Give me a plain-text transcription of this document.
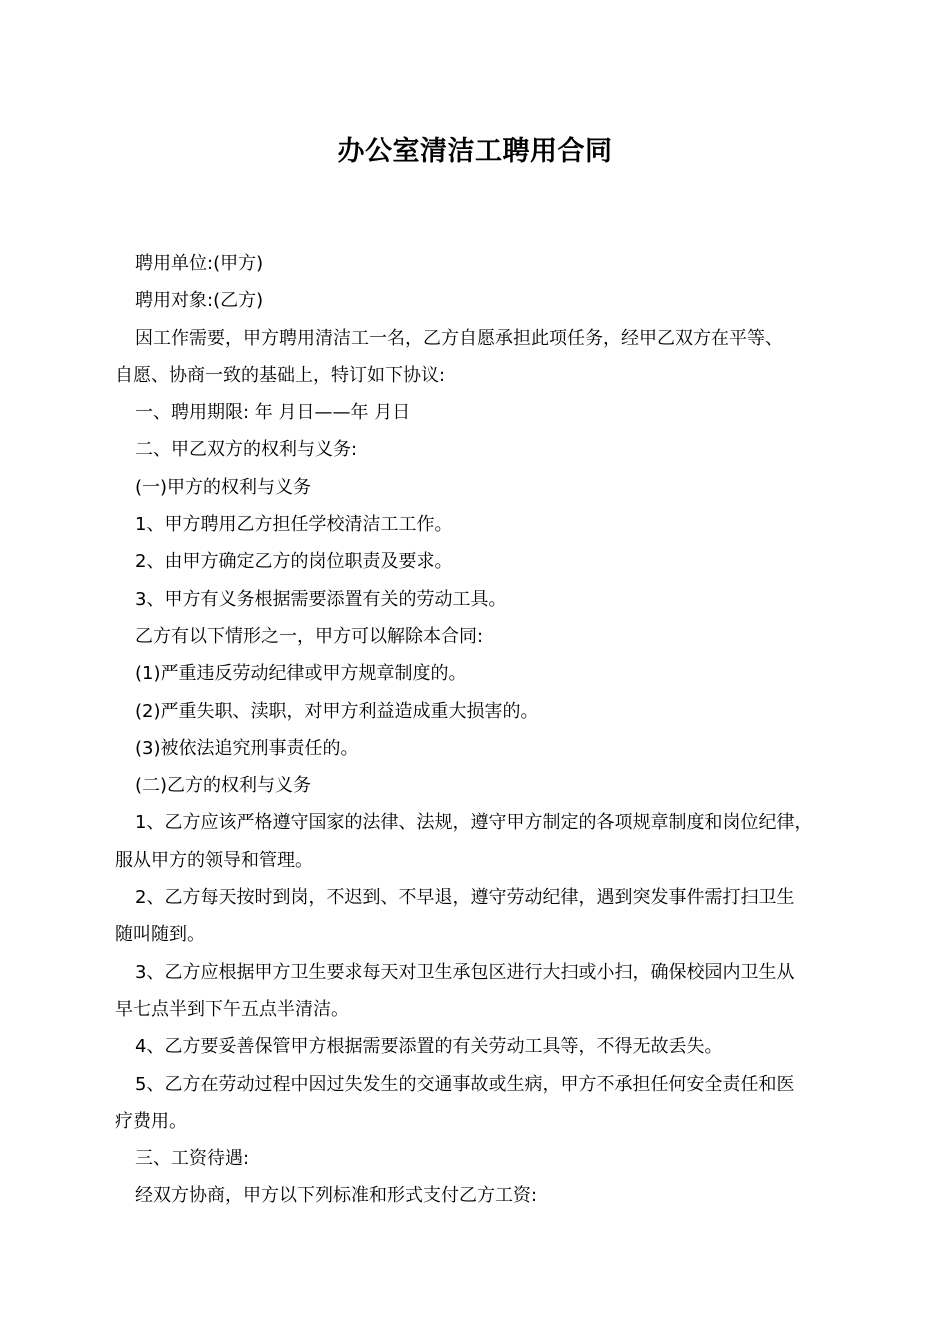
办公室清洁工聘用合同
聘用单位:(甲方)
聘用对象:(乙方)
因工作需要，甲方聘用清洁工一名，乙方自愿承担此项任务，经甲乙双方在平等、
自愿、协商一致的基础上，特订如下协议:
一、聘用期限: 年 月日——年 月日
二、甲乙双方的权利与义务:
(一)甲方的权利与义务
1、甲方聘用乙方担任学校清洁工工作。
2、由甲方确定乙方的岗位职责及要求。
3、甲方有义务根据需要添置有关的劳动工具。
乙方有以下情形之一，甲方可以解除本合同:
(1)严重违反劳动纪律或甲方规章制度的。
(2)严重失职、渎职，对甲方利益造成重大损害的。
(3)被依法追究刑事责任的。
(二)乙方的权利与义务
1、乙方应该严格遵守国家的法律、法规，遵守甲方制定的各项规章制度和岗位纪律，
服从甲方的领导和管理。
2、乙方每天按时到岗，不迟到、不早退，遵守劳动纪律，遇到突发事件需打扫卫生
随叫随到。
3、乙方应根据甲方卫生要求每天对卫生承包区进行大扫或小扫，确保校园内卫生从
早七点半到下午五点半清洁。
4、乙方要妥善保管甲方根据需要添置的有关劳动工具等，不得无故丢失。
5、乙方在劳动过程中因过失发生的交通事故或生病，甲方不承担任何安全责任和医
疗费用。
三、工资待遇:
经双方协商，甲方以下列标准和形式支付乙方工资:
